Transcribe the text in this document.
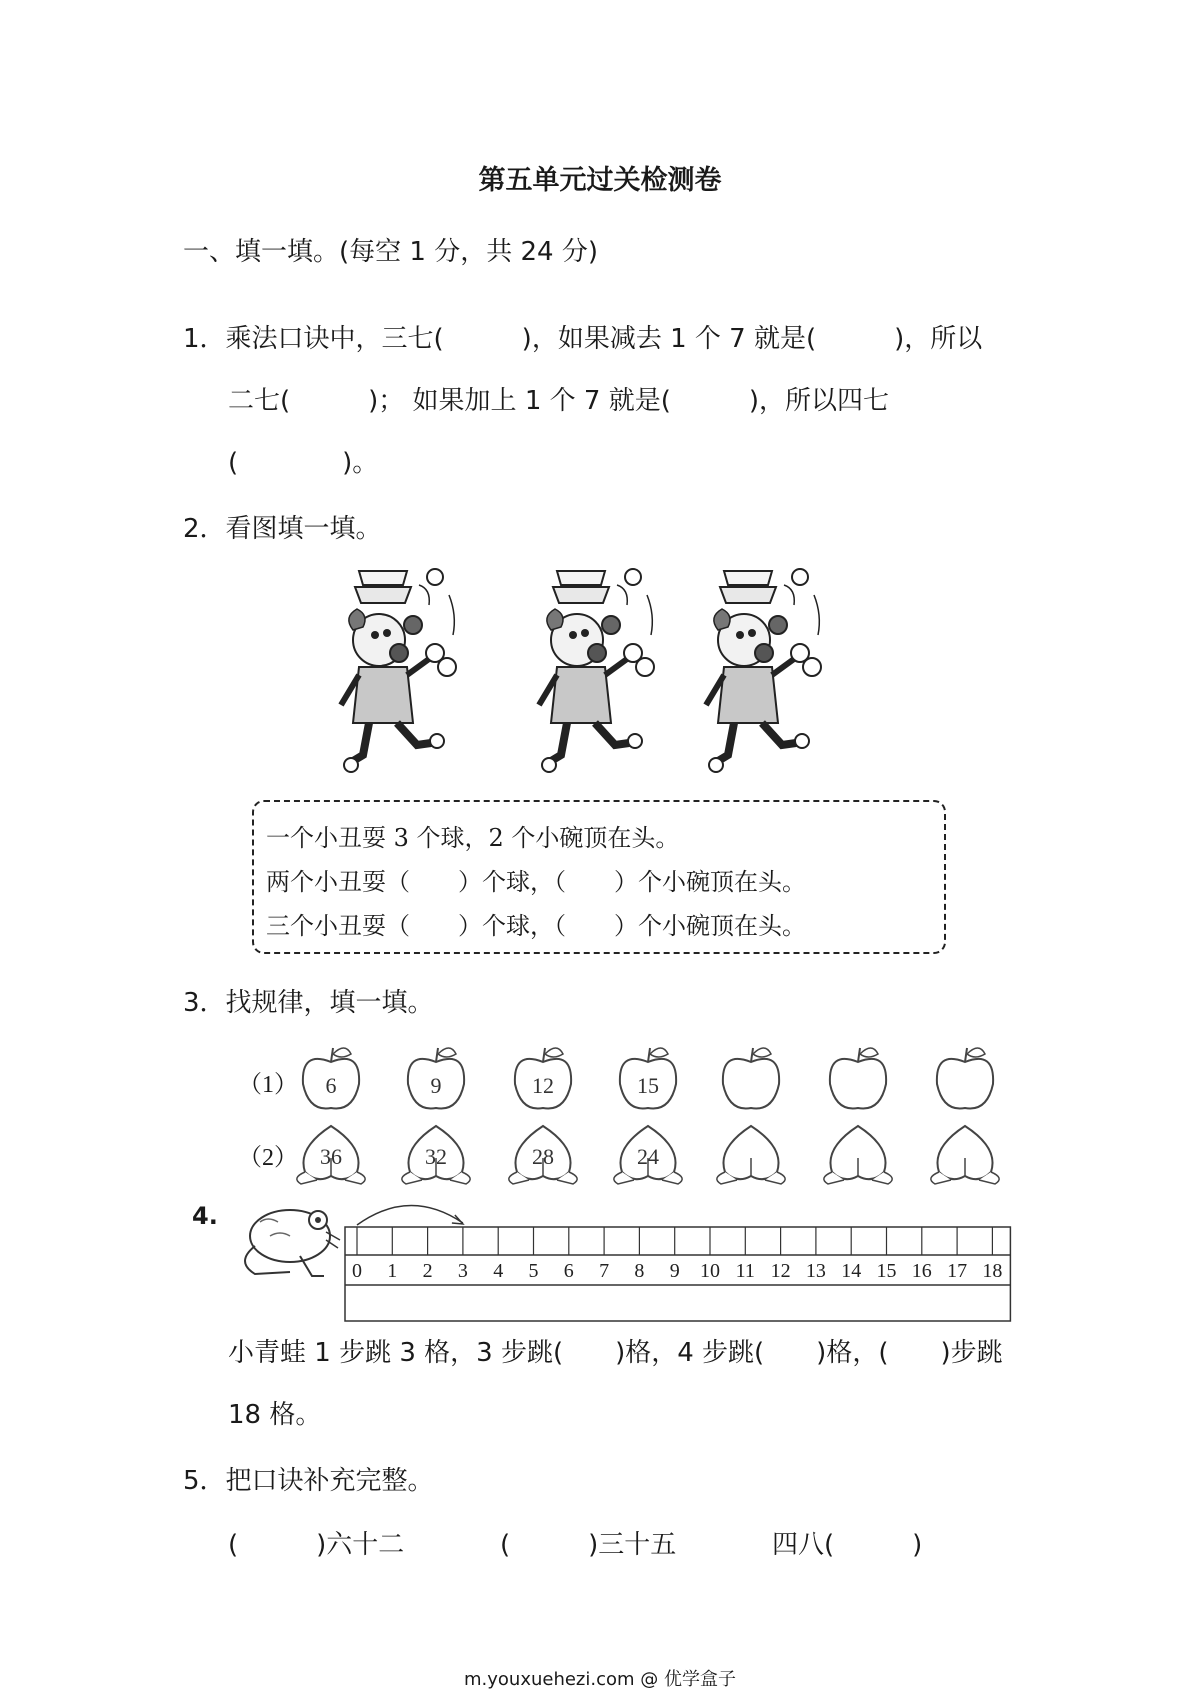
第五单元过关检测卷
一、填一填。(每空 1 分，共 24 分)
1．乘法口诀中，三七(　　　)，如果减去 1 个 7 就是(　　　)，所以
二七(　　　)； 如果加上 1 个 7 就是(　　　)，所以四七
(　　　　)。
2．看图填一填。
一个小丑耍 3 个球，2 个小碗顶在头。
两个小丑耍（　　）个球，（　　）个小碗顶在头。
三个小丑耍（　　）个球，（　　）个小碗顶在头。
3．找规律，填一填。
（1）
（2）
6	9	12	15
36	32	28	24
4.
0 1 2 3 4 5 6 7 8 9 10 11 12 13 14 15 16 17 18
小青蛙 1 步跳 3 格，3 步跳(　　)格，4 步跳(　　)格，(　　)步跳
18 格。
5．把口诀补充完整。
(　　　)六十二	(　　　)三十五	四八(　　　)
m.youxuehezi.com @ 优学盒子
